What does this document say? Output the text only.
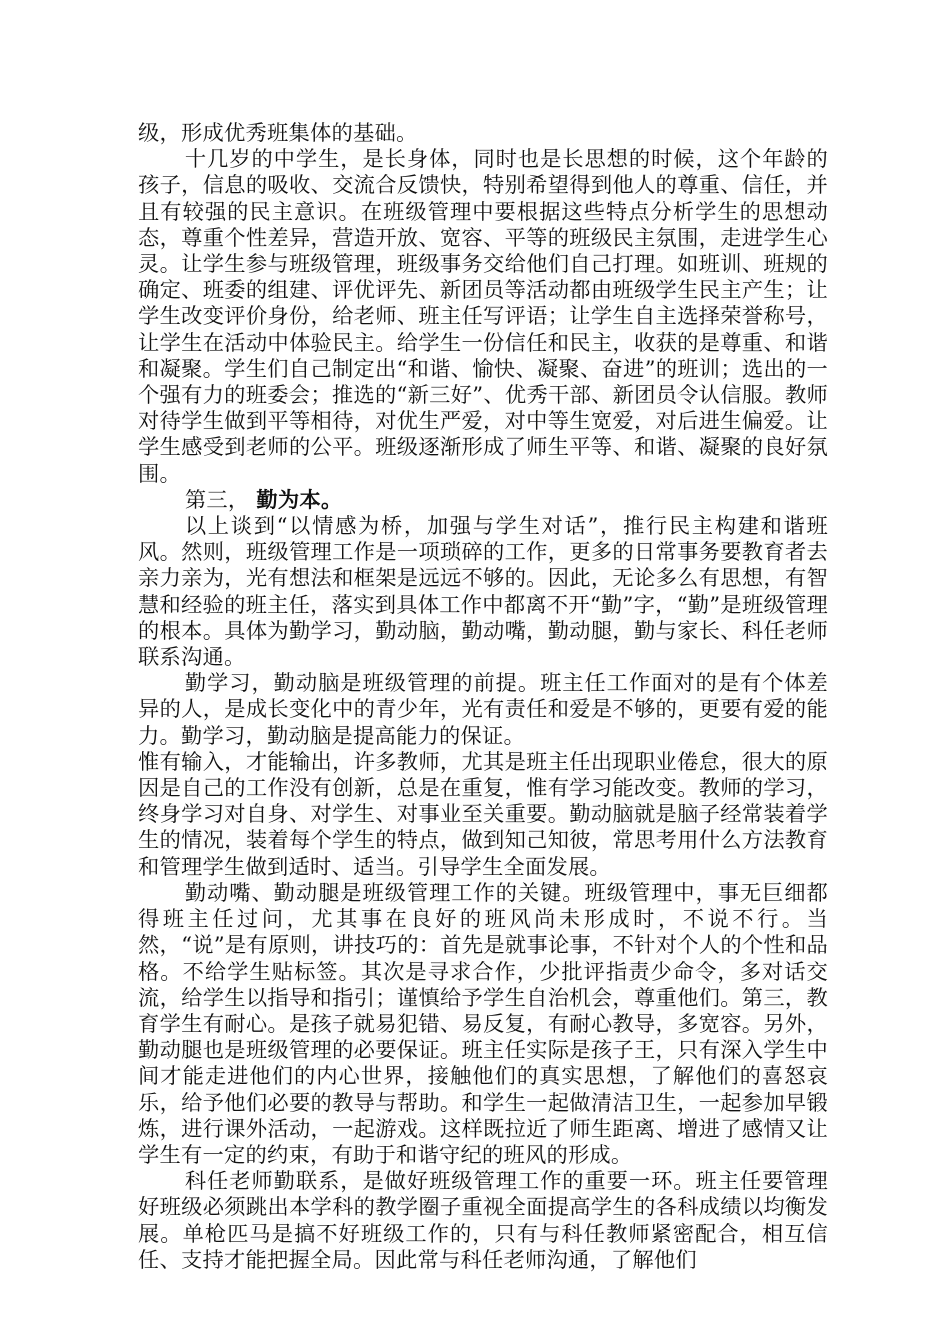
级，形成优秀班集体的基础。

十几岁的中学生，是长身体，同时也是长思想的时候，这个年龄的孩子，信息的吸收、交流合反馈快，特别希望得到他人的尊重、信任，并且有较强的民主意识。在班级管理中要根据这些特点分析学生的思想动态，尊重个性差异，营造开放、宽容、平等的班级民主氛围，走进学生心灵。让学生参与班级管理，班级事务交给他们自己打理。如班训、班规的确定、班委的组建、评优评先、新团员等活动都由班级学生民主产生；让学生改变评价身份，给老师、班主任写评语；让学生自主选择荣誉称号，让学生在活动中体验民主。给学生一份信任和民主，收获的是尊重、和谐和凝聚。学生们自己制定出“和谐、愉快、凝聚、奋进”的班训；选出的一个强有力的班委会；推选的“新三好”、优秀干部、新团员令认信服。教师对待学生做到平等相待，对优生严爱，对中等生宽爱，对后进生偏爱。让学生感受到老师的公平。班级逐渐形成了师生平等、和谐、凝聚的良好氛围。

第三， 勤为本。

以上谈到“以情感为桥，加强与学生对话”，推行民主构建和谐班风。然则，班级管理工作是一项琐碎的工作，更多的日常事务要教育者去亲力亲为，光有想法和框架是远远不够的。因此，无论多么有思想，有智慧和经验的班主任，落实到具体工作中都离不开“勤”字，“勤”是班级管理的根本。具体为勤学习，勤动脑，勤动嘴，勤动腿，勤与家长、科任老师联系沟通。

勤学习，勤动脑是班级管理的前提。班主任工作面对的是有个体差异的人，是成长变化中的青少年，光有责任和爱是不够的，更要有爱的能力。勤学习，勤动脑是提高能力的保证。

惟有输入，才能输出，许多教师，尤其是班主任出现职业倦怠，很大的原因是自己的工作没有创新，总是在重复，惟有学习能改变。教师的学习，终身学习对自身、对学生、对事业至关重要。勤动脑就是脑子经常装着学生的情况，装着每个学生的特点，做到知己知彼，常思考用什么方法教育和管理学生做到适时、适当。引导学生全面发展。

勤动嘴、勤动腿是班级管理工作的关键。班级管理中，事无巨细都得班主任过问，尤其事在良好的班风尚未形成时，不说不行。当然，“说”是有原则，讲技巧的：首先是就事论事，不针对个人的个性和品格。不给学生贴标签。其次是寻求合作，少批评指责少命令，多对话交流，给学生以指导和指引；谨慎给予学生自治机会，尊重他们。第三，教育学生有耐心。是孩子就易犯错、易反复，有耐心教导，多宽容。另外，勤动腿也是班级管理的必要保证。班主任实际是孩子王，只有深入学生中间才能走进他们的内心世界，接触他们的真实思想，了解他们的喜怒哀乐，给予他们必要的教导与帮助。和学生一起做清洁卫生，一起参加早锻炼，进行课外活动，一起游戏。这样既拉近了师生距离、增进了感情又让学生有一定的约束，有助于和谐守纪的班风的形成。

科任老师勤联系，是做好班级管理工作的重要一环。班主任要管理好班级必须跳出本学科的教学圈子重视全面提高学生的各科成绩以均衡发展。单枪匹马是搞不好班级工作的，只有与科任教师紧密配合，相互信任、支持才能把握全局。因此常与科任老师沟通，了解他们
